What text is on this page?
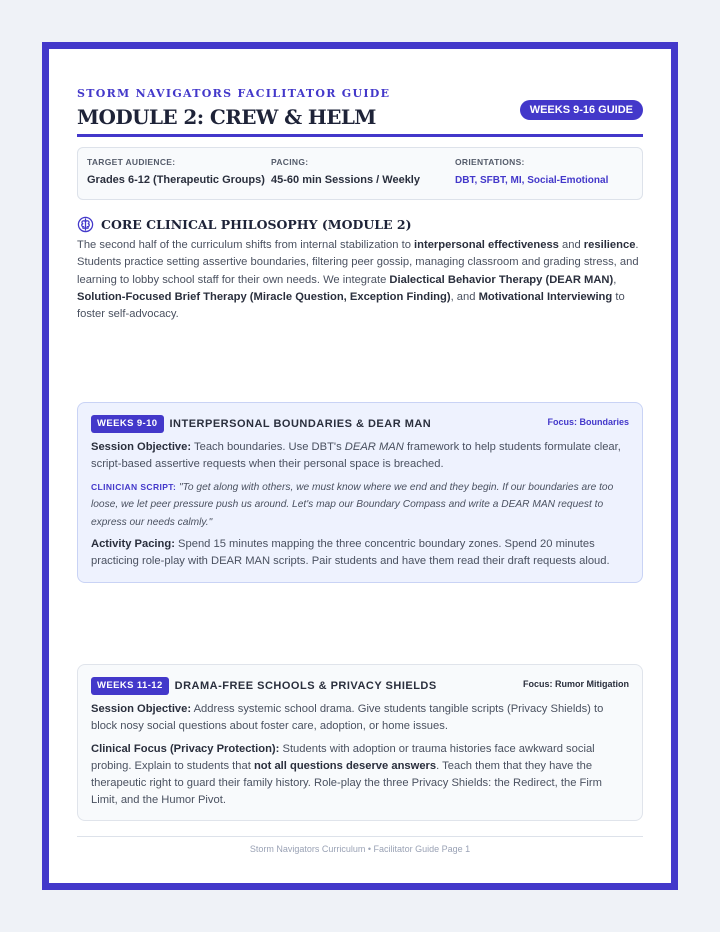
STORM NAVIGATORS FACILITATOR GUIDE
MODULE 2: CREW & HELM	WEEKS 9-16 GUIDE
TARGET AUDIENCE:
Grades 6-12 (Therapeutic Groups)
PACING:
45-60 min Sessions / Weekly
ORIENTATIONS:
DBT, SFBT, MI, Social-Emotional
CORE CLINICAL PHILOSOPHY (MODULE 2)
The second half of the curriculum shifts from internal stabilization to interpersonal effectiveness and resilience. Students practice setting assertive boundaries, filtering peer gossip, managing classroom and grading stress, and learning to lobby school staff for their own needs. We integrate Dialectical Behavior Therapy (DEAR MAN), Solution-Focused Brief Therapy (Miracle Question, Exception Finding), and Motivational Interviewing to foster self-advocacy.
WEEKS 9-10	INTERPERSONAL BOUNDARIES & DEAR MAN	Focus: Boundaries
Session Objective: Teach boundaries. Use DBT's DEAR MAN framework to help students formulate clear, script-based assertive requests when their personal space is breached.
CLINICIAN SCRIPT: "To get along with others, we must know where we end and they begin. If our boundaries are too loose, we let peer pressure push us around. Let's map our Boundary Compass and write a DEAR MAN request to express our needs calmly."
Activity Pacing: Spend 15 minutes mapping the three concentric boundary zones. Spend 20 minutes practicing role-play with DEAR MAN scripts. Pair students and have them read their draft requests aloud.
WEEKS 11-12	DRAMA-FREE SCHOOLS & PRIVACY SHIELDS	Focus: Rumor Mitigation
Session Objective: Address systemic school drama. Give students tangible scripts (Privacy Shields) to block nosy social questions about foster care, adoption, or home issues.
Clinical Focus (Privacy Protection): Students with adoption or trauma histories face awkward social probing. Explain to students that not all questions deserve answers. Teach them that they have the therapeutic right to guard their family history. Role-play the three Privacy Shields: the Redirect, the Firm Limit, and the Humor Pivot.
Storm Navigators Curriculum • Facilitator Guide Page 1
